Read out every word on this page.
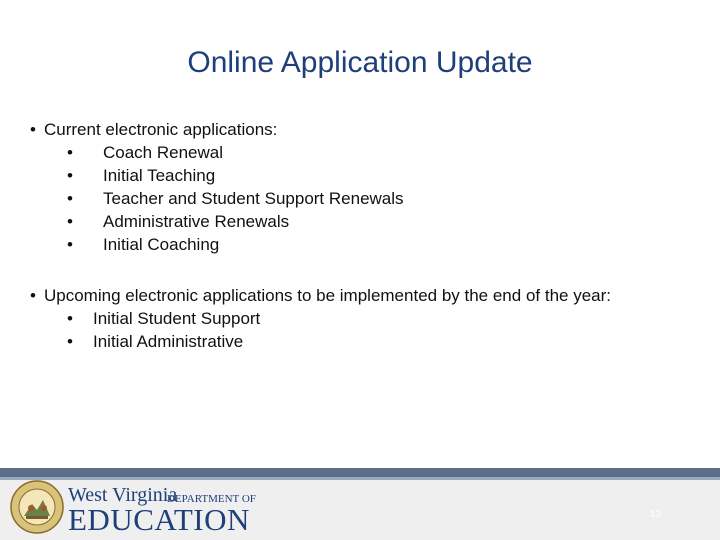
Online Application Update
• Current electronic applications:
• Coach Renewal
• Initial Teaching
• Teacher and Student Support Renewals
• Administrative Renewals
• Initial Coaching
• Upcoming electronic applications to be implemented by the end of the year:
• Initial Student Support
• Initial Administrative
West Virginia
DEPARTMENT OF
EDUCATION	13
